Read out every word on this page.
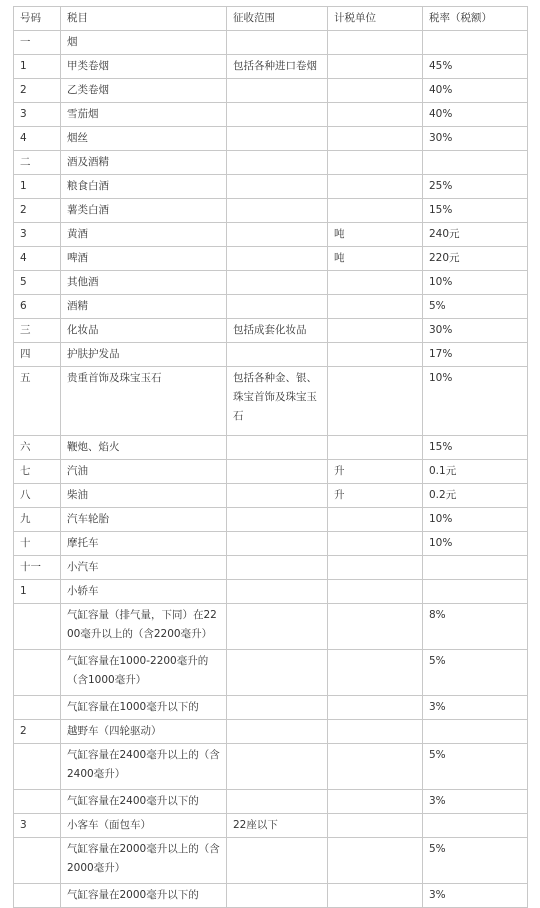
号码	税目	征收范围	计税单位	税率（税额）
一	烟			
1	甲类卷烟	包括各种进口卷烟		45%
2	乙类卷烟			40%
3	雪茄烟			40%
4	烟丝			30%
二	酒及酒精			
1	粮食白酒			25%
2	薯类白酒			15%
3	黄酒		吨	240元
4	啤酒		吨	220元
5	其他酒			10%
6	酒精			5%
三	化妆品	包括成套化妆品		30%
四	护肤护发品			17%
五	贵重首饰及珠宝玉石	包括各种金、银、珠宝首饰及珠宝玉石		10%
六	鞭炮、焰火			15%
七	汽油		升	0.1元
八	柴油		升	0.2元
九	汽车轮胎			10%
十	摩托车			10%
十一	小汽车			
1	小轿车			
	气缸容量（排气量，下同）在2200毫升以上的（含2200毫升）			8%
	气缸容量在1000-2200毫升的（含1000毫升）			5%
	气缸容量在1000毫升以下的			3%
2	越野车（四轮驱动）			
	气缸容量在2400毫升以上的（含2400毫升）			5%
	气缸容量在2400毫升以下的			3%
3	小客车（面包车）	22座以下		
	气缸容量在2000毫升以上的（含2000毫升）			5%
	气缸容量在2000毫升以下的			3%
